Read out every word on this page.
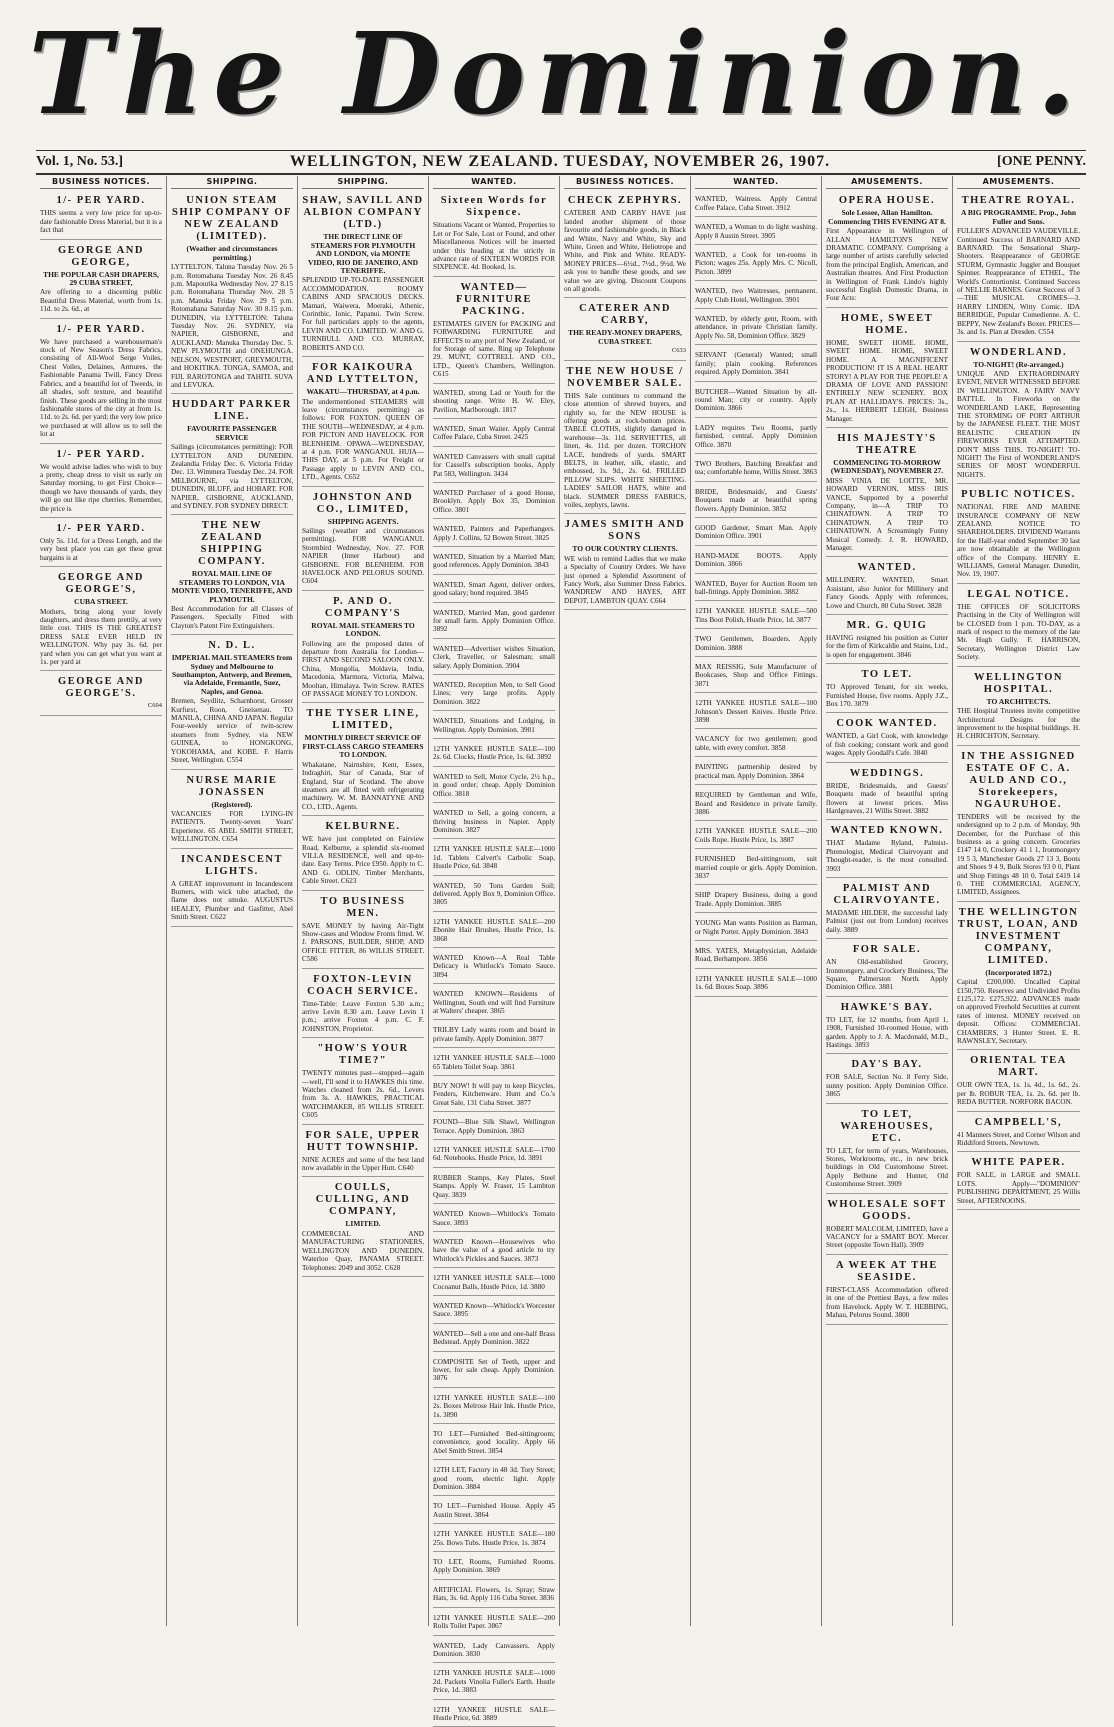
The Dominion.
Vol. 1, No. 53.]	WELLINGTON, NEW ZEALAND. TUESDAY, NOVEMBER 26, 1907.	[ONE PENNY.
BUSINESS NOTICES.
1/- PER YARD.
THIS seems a very low price for up-to-date fashionable Dress Material, but it is a fact that
GEORGE AND GEORGE,
THE POPULAR CASH DRAPERS, 29 CUBA STREET,
Are offering to a discerning public Beautiful Dress Material, worth from 1s. 11d. to 2s. 6d., at
1/- PER YARD.
We have purchased a warehouseman's stock of New Season's Dress Fabrics, consisting of All-Wool Serge Voiles, Chest Voiles, Delaines, Armures, the Fashionable Panama Twill, Fancy Dress Fabrics, and a beautiful lot of Tweeds, in all shades, soft texture, and beautiful finish. These goods are selling in the most fashionable stores of the city at from 1s. 11d. to 2s. 6d. per yard; the very low price we purchased at will allow us to sell the lot at
1/- PER YARD.
We would advise ladies who wish to buy a pretty, cheap dress to visit us early on Saturday morning, to get First Choice—though we have thousands of yards, they will go out like ripe cherries. Remember, the price is
1/- PER YARD.
Only 5s. 11d. for a Dress Length, and the very best place you can get these great bargains is at
GEORGE AND GEORGE'S,
CUBA STREET.
Mothers, bring along your lovely daughters, and dress them prettily, at very little cost. THIS IS THE GREATEST DRESS SALE EVER HELD IN WELLINGTON. Why pay 3s. 6d. per yard when you can get what you want at 1s. per yard at
GEORGE AND GEORGE'S.
C604
SHIPPING.
UNION STEAM SHIP COMPANY OF NEW ZEALAND (LIMITED).
(Weather and circumstances permitting.)
LYTTELTON. Taluna Tuesday Nov. 26 5 p.m. Rotomahana Tuesday Nov. 26 8.45 p.m. Mapourika Wednesday Nov. 27 8.15 p.m. Rotomahana Thursday Nov. 28 5 p.m. Manuka Friday Nov. 29 5 p.m. Rotomahana Saturday Nov. 30 8.15 p.m. DUNEDIN, via LYTTELTON: Taluna Tuesday Nov. 26. SYDNEY, via NAPIER, GISBORNE, and AUCKLAND: Manuka Thursday Dec. 5. NEW PLYMOUTH and ONEHUNGA. NELSON, WESTPORT, GREYMOUTH, and HOKITIKA. TONGA, SAMOA, and FIJI. RAROTONGA and TAHITI. SUVA and LEVUKA.
HUDDART PARKER LINE.
FAVOURITE PASSENGER SERVICE
Sailings (circumstances permitting): FOR LYTTELTON AND DUNEDIN. Zealandia Friday Dec. 6. Victoria Friday Dec. 13. Wimmera Tuesday Dec. 24. FOR MELBOURNE, via LYTTELTON, DUNEDIN, BLUFF, and HOBART. FOR NAPIER, GISBORNE, AUCKLAND, and SYDNEY. FOR SYDNEY DIRECT.
THE NEW ZEALAND SHIPPING COMPANY.
ROYAL MAIL LINE OF STEAMERS TO LONDON, VIA MONTE VIDEO, TENERIFFE, AND PLYMOUTH.
Best Accommodation for all Classes of Passengers. Specially Fitted with Clayton's Patent Fire Extinguishers.
N. D. L.
IMPERIAL MAIL STEAMERS from Sydney and Melbourne to Southampton, Antwerp, and Bremen, via Adelaide, Fremantle, Suez, Naples, and Genoa.
Bremen, Seydlitz, Scharnhorst, Grosser Kurfurst, Roon, Gneisenau. TO MANILA, CHINA AND JAPAN. Regular Four-weekly service of twin-screw steamers from Sydney, via NEW GUINEA, to HONGKONG, YOKOHAMA, and KOBE. F. Harris Street, Wellington. C554
NURSE MARIE JONASSEN
(Registered).
VACANCIES FOR LYING-IN PATIENTS. Twenty-seven Years' Experience. 65 ABEL SMITH STREET, WELLINGTON. C654
INCANDESCENT LIGHTS.
A GREAT improvement in Incandescent Burners, with wick tube attached, the flame does not smoke. AUGUSTUS HEALEY, Plumber and Gasfitter, Abel Smith Street. C622
SHIPPING.
SHAW, SAVILL AND ALBION COMPANY (LTD.)
THE DIRECT LINE OF STEAMERS FOR PLYMOUTH AND LONDON, via MONTE VIDEO, RIO DE JANEIRO, AND TENERIFFE.
SPLENDID UP-TO-DATE PASSENGER ACCOMMODATION. ROOMY CABINS AND SPACIOUS DECKS. Mamari, Waiwera, Moeraki, Athenic, Corinthic, Ionic, Papanui. Twin Screw. For full particulars apply to the agents, LEVIN AND CO. LIMITED. W. AND G. TURNBULL AND CO. MURRAY, ROBERTS AND CO.
FOR KAIKOURA AND LYTTELTON,
WAKATU—THURSDAY, at 4 p.m.
The undermentioned STEAMERS will leave (circumstances permitting) as follows: FOR FOXTON. QUEEN OF THE SOUTH—WEDNESDAY, at 4 p.m. FOR PICTON AND HAVELOCK. FOR BLENHEIM. OPAWA—WEDNESDAY, at 4 p.m. FOR WANGANUI. HUIA—THIS DAY, at 5 p.m. For Freight or Passage apply to LEVIN AND CO., LTD., Agents. C652
JOHNSTON AND CO., LIMITED,
SHIPPING AGENTS.
Sailings (weather and circumstances permitting). FOR WANGANUI. Stormbird Wednesday, Nov. 27. FOR NAPIER (Inner Harbour) and GISBORNE. FOR BLENHEIM. FOR HAVELOCK AND PELORUS SOUND. C604
P. AND O. COMPANY'S
ROYAL MAIL STEAMERS TO LONDON.
Following are the proposed dates of departure from Australia for London—FIRST AND SECOND SALOON ONLY. China, Mongolia, Moldavia, India, Macedonia, Marmora, Victoria, Malwa, Mooltan, Himalaya. Twin Screw. RATES OF PASSAGE MONEY TO LONDON.
THE TYSER LINE, LIMITED,
MONTHLY DIRECT SERVICE OF FIRST-CLASS CARGO STEAMERS TO LONDON.
Whakatane, Nairnshire, Kent, Essex, Indraghiri, Star of Canada, Star of England, Star of Scotland. The above steamers are all fitted with refrigerating machinery. W. M. BANNATYNE AND CO., LTD., Agents.
KELBURNE.
WE have just completed on Fairview Road, Kelburne, a splendid six-roomed VILLA RESIDENCE, well and up-to-date. Easy Terms. Price £950. Apply to C. AND G. ODLIN, Timber Merchants, Cable Street. C623
TO BUSINESS MEN.
SAVE MONEY by having Air-Tight Show-cases and Window Fronts fitted. W. J. PARSONS, BUILDER, SHOP, AND OFFICE FITTER, 86 WILLIS STREET. C586
FOXTON-LEVIN COACH SERVICE.
Time-Table: Leave Foxton 5.30 a.m.; arrive Levin 8.30 a.m. Leave Levin 1 p.m.; arrive Foxton 4 p.m. C. F. JOHNSTON, Proprietor.
"HOW'S YOUR TIME?"
TWENTY minutes past—stopped—again—well, I'll send it to HAWKES this time. Watches cleaned from 2s. 6d., Levers from 3s. A. HAWKES, PRACTICAL WATCHMAKER, 85 WILLIS STREET. C605
FOR SALE, UPPER HUTT TOWNSHIP.
NINE ACRES and some of the best land now available in the Upper Hutt. C640
COULLS, CULLING, AND COMPANY,
LIMITED.
COMMERCIAL AND MANUFACTURING STATIONERS, WELLINGTON AND DUNEDIN. Waterloo Quay, PANAMA STREET. Telephones: 2049 and 3052. C628
WANTED.
Sixteen Words for Sixpence.
Situations Vacant or Wanted, Properties to Let or For Sale, Lost or Found, and other Miscellaneous Notices will be inserted under this heading at the strictly in advance rate of SIXTEEN WORDS FOR SIXPENCE. 4d. Booked, 1s.
WANTED—FURNITURE PACKING.
ESTIMATES GIVEN for PACKING and FORWARDING FURNITURE and EFFECTS to any port of New Zealand, or for Storage of same. Ring up Telephone 29. MUNT, COTTRELL AND CO., LTD., Queen's Chambers, Wellington. C615
WANTED, strong Lad or Youth for the shooting range. Write H. W. Eley, Pavilion, Marlborough. 1817
WANTED, Smart Waiter. Apply Central Coffee Palace, Cuba Street. 2425
WANTED Canvassers with small capital for Cassell's subscription books, Apply Pat 583, Wellington. 3434
WANTED Purchaser of a good House, Brooklyn. Apply Box 35, Dominion Office. 3801
WANTED, Painters and Paperhangers. Apply J. Collins, 52 Bowen Street. 3825
WANTED, Situation by a Married Man; good references. Apply Dominion. 3843
WANTED, Smart Agent, deliver orders, good salary; bond required. 3845
WANTED, Married Man, good gardener for small farm. Apply Dominion Office. 3892
WANTED—Advertiser wishes Situation, Clerk, Traveller, or Salesman; small salary. Apply Dominion. 3904
WANTED, Reception Men, to Sell Good Lines; very large profits. Apply Dominion. 3822
WANTED, Situations and Lodging, in Wellington. Apply Dominion. 3901
12TH YANKEE HUSTLE SALE—100 2s. 6d. Clocks, Hustle Price, 1s. 6d. 3892
WANTED to Sell, Motor Cycle, 2½ h.p., in good order; cheap. Apply Dominion Office. 3818
WANTED to Sell, a going concern, a thriving business in Napier. Apply Dominion. 3827
12TH YANKEE HUSTLE SALE—1000 1d. Tablets Calvert's Carbolic Soap, Hustle Price, 6d. 3848
WANTED, 50 Tons Garden Soil; delivered. Apply Box 9, Dominion Office. 3805
12TH YANKEE HUSTLE SALE—200 Ebonite Hair Brushes, Hustle Price, 1s. 3868
WANTED Known—A Real Table Delicacy is Whitlock's Tomato Sauce. 3894
WANTED KNOWN—Residents of Wellington, South end will find Furniture at Walters' cheaper. 3865
TRILBY Lady wants room and board in private family. Apply Dominion. 3877
12TH YANKEE HUSTLE SALE—1000 65 Tablets Toilet Soap. 3861
BUY NOW! It will pay to keep Bicycles, Fenders, Kitchenware. Hunt and Co.'s Great Sale, 131 Cuba Street. 3877
FOUND—Blue Silk Shawl, Wellington Terrace. Apply Dominion. 3863
12TH YANKEE HUSTLE SALE—1700 6d. Notebooks. Hustle Price, 1d. 3891
RUBBER Stamps, Key Plates, Steel Stamps. Apply W. Fraser, 15 Lambton Quay. 3839
WANTED Known—Whitlock's Tomato Sauce. 3893
WANTED Known—Housewives who have the value of a good article to try Whitlock's Pickles and Sauces. 3873
12TH YANKEE HUSTLE SALE—1000 Cocoanut Balls, Hustle Price, 1d. 3880
WANTED Known—Whitlock's Worcester Sauce. 3895
WANTED—Sell a one and one-half Brass Bedstead. Apply Dominion. 3822
COMPOSITE Set of Teeth, upper and lower, for sale cheap. Apply Dominion. 3876
12TH YANKEE HUSTLE SALE—100 2s. Boxes Melrose Hair Ink. Hustle Price, 1s. 3890
TO LET—Furnished Bed-sittingroom; convenience, good locality. Apply 66 Abel Smith Street. 3854
12TH LET, Factory in 48 3d. Tory Street; good room, electric light. Apply Dominion. 3884
TO LET—Furnished House. Apply 45 Austin Street. 3864
12TH YANKEE HUSTLE SALE—180 25s. Bows Tubs. Hustle Price, 1s. 3874
TO LET, Rooms, Furnished Rooms. Apply Dominion. 3869
ARTIFICIAL Flowers, 1s. Spray; Straw Hats, 3s. 6d. Apply 116 Cuba Street. 3836
12TH YANKEE HUSTLE SALE—200 Rolls Toilet Paper. 3867
WANTED, Lady Canvassers. Apply Dominion. 3830
12TH YANKEE HUSTLE SALE—1000 2d. Packets Vinolia Fuller's Earth. Hustle Price, 1d. 3883
12TH YANKEE HUSTLE SALE—Hustle Price, 6d. 3889
BUSINESS NOTICES.
CHECK ZEPHYRS.
CATERER AND CARBY HAVE just landed another shipment of those favourite and fashionable goods, in Black and White, Navy and White, Sky and White, Green and White, Heliotrope and White, and Pink and White. READY-MONEY PRICES—6½d., 7½d., 9½d. We ask you to handle these goods, and see value we are giving. Discount Coupons on all goods.
CATERER AND CARBY,
THE READY-MONEY DRAPERS, CUBA STREET.
C633
THE NEW HOUSE / NOVEMBER SALE.
THIS Sale continues to command the close attention of shrewd buyers, and rightly so, for the NEW HOUSE is offering goods at rock-bottom prices. TABLE CLOTHS, slightly damaged in warehouse—3s. 11d. SERVIETTES, all linen, 4s. 11d. per dozen. TORCHON LACE, hundreds of yards. SMART BELTS, in leather, silk, elastic, and embossed, 1s. 9d., 2s. 6d. FRILLED PILLOW SLIPS. WHITE SHEETING. LADIES' SAILOR HATS, white and black. SUMMER DRESS FABRICS, voiles, zephyrs, lawns.
JAMES SMITH AND SONS
TO OUR COUNTRY CLIENTS.
WE wish to remind Ladies that we make a Specialty of Country Orders. We have just opened a Splendid Assortment of Fancy Work, also Summer Dress Fabrics. WANDREW AND HAYES, ART DEPOT, LAMBTON QUAY. C664
WANTED.
WANTED, Waitress. Apply Central Coffee Palace, Cuba Street. 3912
WANTED, a Woman to do light washing. Apply 8 Austin Street. 3905
WANTED, a Cook for ten-rooms in Picton; wages 25s. Apply Mrs. C. Nicoll, Picton. 3899
WANTED, two Waitresses, permanent. Apply Club Hotel, Wellington. 3901
WANTED, by elderly gent, Room, with attendance, in private Christian family. Apply No. 58, Dominion Office. 3829
SERVANT (General) Wanted; small family; plain cooking. References required. Apply Dominion. 3841
BUTCHER—Wanted Situation by all-round Man; city or country. Apply Dominion. 3866
LADY requires Two Rooms, partly furnished, central. Apply Dominion Office. 3870
TWO Brothers, Batching Breakfast and tea; comfortable home, Willis Street. 3863
BRIDE, Bridesmaids', and Guests' Bouquets made at beautiful spring flowers. Apply Dominion. 3852
GOOD Gardener, Smart Man. Apply Dominion Office. 3901
HAND-MADE BOOTS. Apply Dominion. 3866
WANTED, Buyer for Auction Room ten ball-fittings. Apply Dominion. 3882
12TH YANKEE HUSTLE SALE—500 Tins Boot Polish, Hustle Price, 1d. 3877
TWO Gentlemen, Boarders. Apply Dominion. 3888
MAX REISSIG, Sole Manufacturer of Bookcases, Shop and Office Fittings. 3871
12TH YANKEE HUSTLE SALE—100 Johnson's Dessert Knives. Hustle Price. 3898
VACANCY for two gentlemen; good table, with every comfort. 3858
PAINTING partnership desired by practical man. Apply Dominion. 3864
REQUIRED by Gentleman and Wife, Board and Residence in private family. 3886
12TH YANKEE HUSTLE SALE—200 Coils Rope. Hustle Price, 1s. 3887
FURNISHED Bed-sittingroom, suit married couple or girls. Apply Dominion. 3837
SHIP Drapery Business, doing a good Trade. Apply Dominion. 3885
YOUNG Man wants Position as Barman, or Night Porter. Apply Dominion. 3843
MRS. YATES, Metaphysician, Adelaide Road, Berhampore. 3856
12TH YANKEE HUSTLE SALE—1000 1s. 6d. Boxes Soap. 3896
AMUSEMENTS.
OPERA HOUSE.
Sole Lessee, Allan Hamilton. Commencing THIS EVENING AT 8.
First Appearance in Wellington of ALLAN HAMILTON'S NEW DRAMATIC COMPANY. Comprising a large number of artists carefully selected from the principal English, American, and Australian theatres. And First Production in Wellington of Frank Lindo's highly successful English Domestic Drama, in Four Acts:
HOME, SWEET HOME.
HOME, SWEET HOME. HOME, SWEET HOME. HOME, SWEET HOME. A MAGNIFICENT PRODUCTION! IT IS A REAL HEART STORY! A PLAY FOR THE PEOPLE! A DRAMA OF LOVE AND PASSION! ENTIRELY NEW SCENERY. BOX PLAN AT HALLIDAY'S. PRICES: 3s., 2s., 1s. HERBERT LEIGH, Business Manager.
HIS MAJESTY'S THEATRE
COMMENCING TO-MORROW (WEDNESDAY), NOVEMBER 27.
MISS VINIA DE LOITTE, MR. HOWARD VERNON, MISS IRIS VANCE, Supported by a powerful Company, in—A TRIP TO CHINATOWN. A TRIP TO CHINATOWN. A TRIP TO CHINATOWN. A Screamingly Funny Musical Comedy. J. R. HOWARD, Manager.
WANTED.
MILLINERY. WANTED, Smart Assistant, also Junior for Millinery and Fancy Goods. Apply with references, Lowe and Church, 80 Cuba Street. 3828
MR. G. QUIG
HAVING resigned his position as Cutter for the firm of Kirkcaldie and Stains, Ltd., is open for engagement. 3846
TO LET.
TO Approved Tenant, for six weeks, Furnished House, five rooms. Apply J.Z., Box 170. 3879
COOK WANTED.
WANTED, a Girl Cook, with knowledge of fish cooking; constant work and good wages. Apply Goodall's Cafe. 3840
WEDDINGS.
BRIDE, Bridesmaids, and Guests' Bouquets made of beautiful spring flowers at lowest prices. Miss Hardgreaves, 21 Willis Street. 3882
WANTED KNOWN.
THAT Madame Ryland, Palmist-Phrenologist, Medical Clairvoyant and Thought-reader, is the most consulted. 3903
PALMIST AND CLAIRVOYANTE.
MADAME HILDER, the successful lady Palmist (just out from London) receives daily. 3889
FOR SALE.
AN Old-established Grocery, Ironmongery, and Crockery Business, The Square, Palmerston North. Apply Dominion Office. 3881
HAWKE'S BAY.
TO LET, for 12 months, from April 1, 1908, Furnished 10-roomed House, with garden. Apply to J. A. Macdonald, M.D., Hastings. 3893
DAY'S BAY.
FOR SALE, Section No. 8 Ferry Side, sunny position. Apply Dominion Office. 3865
TO LET, WAREHOUSES, ETC.
TO LET, for term of years, Warehouses, Stores, Workrooms, etc., in new brick buildings in Old Customhouse Street. Apply Bethune and Hunter, Old Customhouse Street. 3909
WHOLESALE SOFT GOODS.
ROBERT MALCOLM, LIMITED, have a VACANCY for a SMART BOY. Mercer Street (opposite Town Hall). 3909
A WEEK AT THE SEASIDE.
FIRST-CLASS Accommodation offered in one of the Prettiest Bays, a few miles from Havelock. Apply W. T. HEBBING, Mahau, Pelorus Sound. 3800
AMUSEMENTS.
THEATRE ROYAL.
A BIG PROGRAMME. Prop., John Fuller and Sons.
FULLER'S ADVANCED VAUDEVILLE. Continued Success of BARNARD AND BARNARD. The Sensational Sharp-Shooters. Reappearance of GEORGE STURM, Gymnastic Juggler and Bouquet Spinner. Reappearance of ETHEL, The World's Contortionist. Continued Success of NELLIE BARNES. Great Success of 3—THE MUSICAL CROMES—3. HARRY LINDEN, Witty Comic. IDA BERRIDGE, Popular Comedienne. A. C. BEPPY, New Zealand's Boxer. PRICES—3s. and 1s. Plan at Dresden. C554
WONDERLAND.
TO-NIGHT! (Re-arranged.)
UNIQUE AND EXTRAORDINARY EVENT, NEVER WITNESSED BEFORE IN WELLINGTON. A FAIRY NAVY BATTLE. In Fireworks on the WONDERLAND LAKE, Representing THE STORMING OF PORT ARTHUR by the JAPANESE FLEET. THE MOST REALISTIC CREATION IN FIREWORKS EVER ATTEMPTED. DON'T MISS THIS. TO-NIGHT! TO-NIGHT! The First of WONDERLAND'S SERIES OF MOST WONDERFUL NIGHTS.
PUBLIC NOTICES.
NATIONAL FIRE AND MARINE INSURANCE COMPANY OF NEW ZEALAND. NOTICE TO SHAREHOLDERS. DIVIDEND Warrants for the Half-year ended September 30 last are now obtainable at the Wellington office of the Company. HENRY E. WILLIAMS, General Manager. Dunedin, Nov. 19, 1907.
LEGAL NOTICE.
THE OFFICES OF SOLICITORS Practising in the City of Wellington will be CLOSED from 1 p.m. TO-DAY, as a mark of respect to the memory of the late Mr. Hugh Gully. F. HARRISON, Secretary, Wellington District Law Society.
WELLINGTON HOSPITAL.
TO ARCHITECTS.
THE Hospital Trustees invite competitive Architectural Designs for the improvement to the hospital buildings. H. H. CHRICHTON, Secretary.
IN THE ASSIGNED ESTATE OF C. A. AULD AND CO., Storekeepers, NGAURUHOE.
TENDERS will be received by the undersigned up to 2 p.m. of Monday, 9th December, for the Purchase of this business as a going concern. Groceries £147 14 0, Crockery 41 1 1, Ironmongery 19 5 3, Manchester Goods 27 13 3, Boots and Shoes 9 4 9, Bulk Stores 93 0 0, Plant and Shop Fittings 48 10 0. Total £419 14 0. THE COMMERCIAL AGENCY, LIMITED, Assignees.
THE WELLINGTON TRUST, LOAN, AND INVESTMENT COMPANY, LIMITED.
(Incorporated 1872.)
Capital £200,000. Uncalled Capital £150,750. Reserves and Undivided Profits £125,172. £275,922. ADVANCES made on approved Freehold Securities at current rates of interest. MONEY received on deposit. Offices: COMMERCIAL CHAMBERS, 3 Hunter Street. E. R. RAWNSLEY, Secretary.
ORIENTAL TEA MART.
OUR OWN TEA, 1s. 1s. 4d., 1s. 6d., 2s. per lb. ROBUR TEA, 1s. 2s. 6d. per lb. REDA BUTTER. NORFORK BACON.
CAMPBELL'S,
41 Manners Street, and Corner Wilson and Riddiford Streets, Newtown.
WHITE PAPER.
FOR SALE, in LARGE and SMALL LOTS. Apply—"DOMINION" PUBLISHING DEPARTMENT, 25 Willis Street, AFTERNOONS.
